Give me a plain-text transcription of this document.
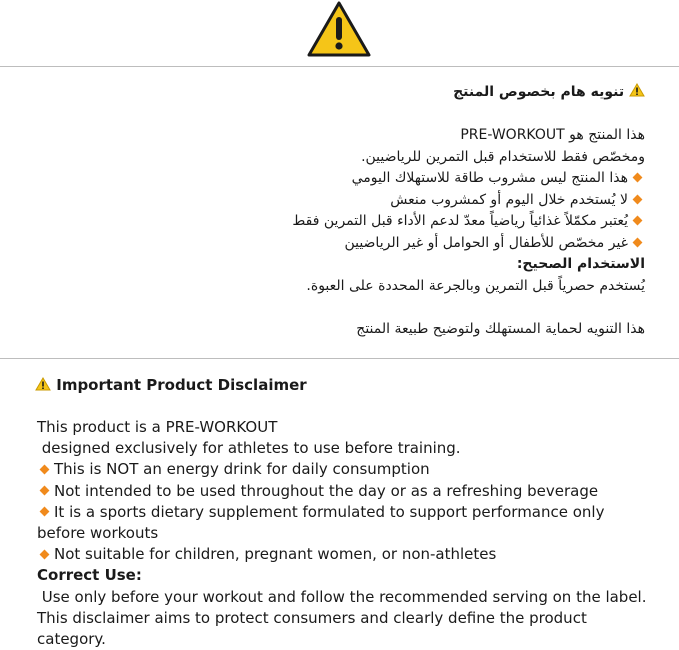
تنويه هام بخصوص المنتج
هذا المنتج هو PRE-WORKOUT
ومخصّص فقط للاستخدام قبل التمرين للرياضيين.
هذا المنتج ليس مشروب طاقة للاستهلاك اليومي
لا يُستخدم خلال اليوم أو كمشروب منعش
يُعتبر مكمّلاً غذائياً رياضياً معدّ لدعم الأداء قبل التمرين فقط
غير مخصّص للأطفال أو الحوامل أو غير الرياضيين
الاستخدام الصحيح:
يُستخدم حصرياً قبل التمرين وبالجرعة المحددة على العبوة.
هذا التنويه لحماية المستهلك ولتوضيح طبيعة المنتج
Important Product Disclaimer
This product is a PRE-WORKOUT
designed exclusively for athletes to use before training.
This is NOT an energy drink for daily consumption
Not intended to be used throughout the day or as a refreshing beverage
It is a sports dietary supplement formulated to support performance only before workouts
Not suitable for children, pregnant women, or non-athletes
Correct Use:
Use only before your workout and follow the recommended serving on the label.
This disclaimer aims to protect consumers and clearly define the product category.
